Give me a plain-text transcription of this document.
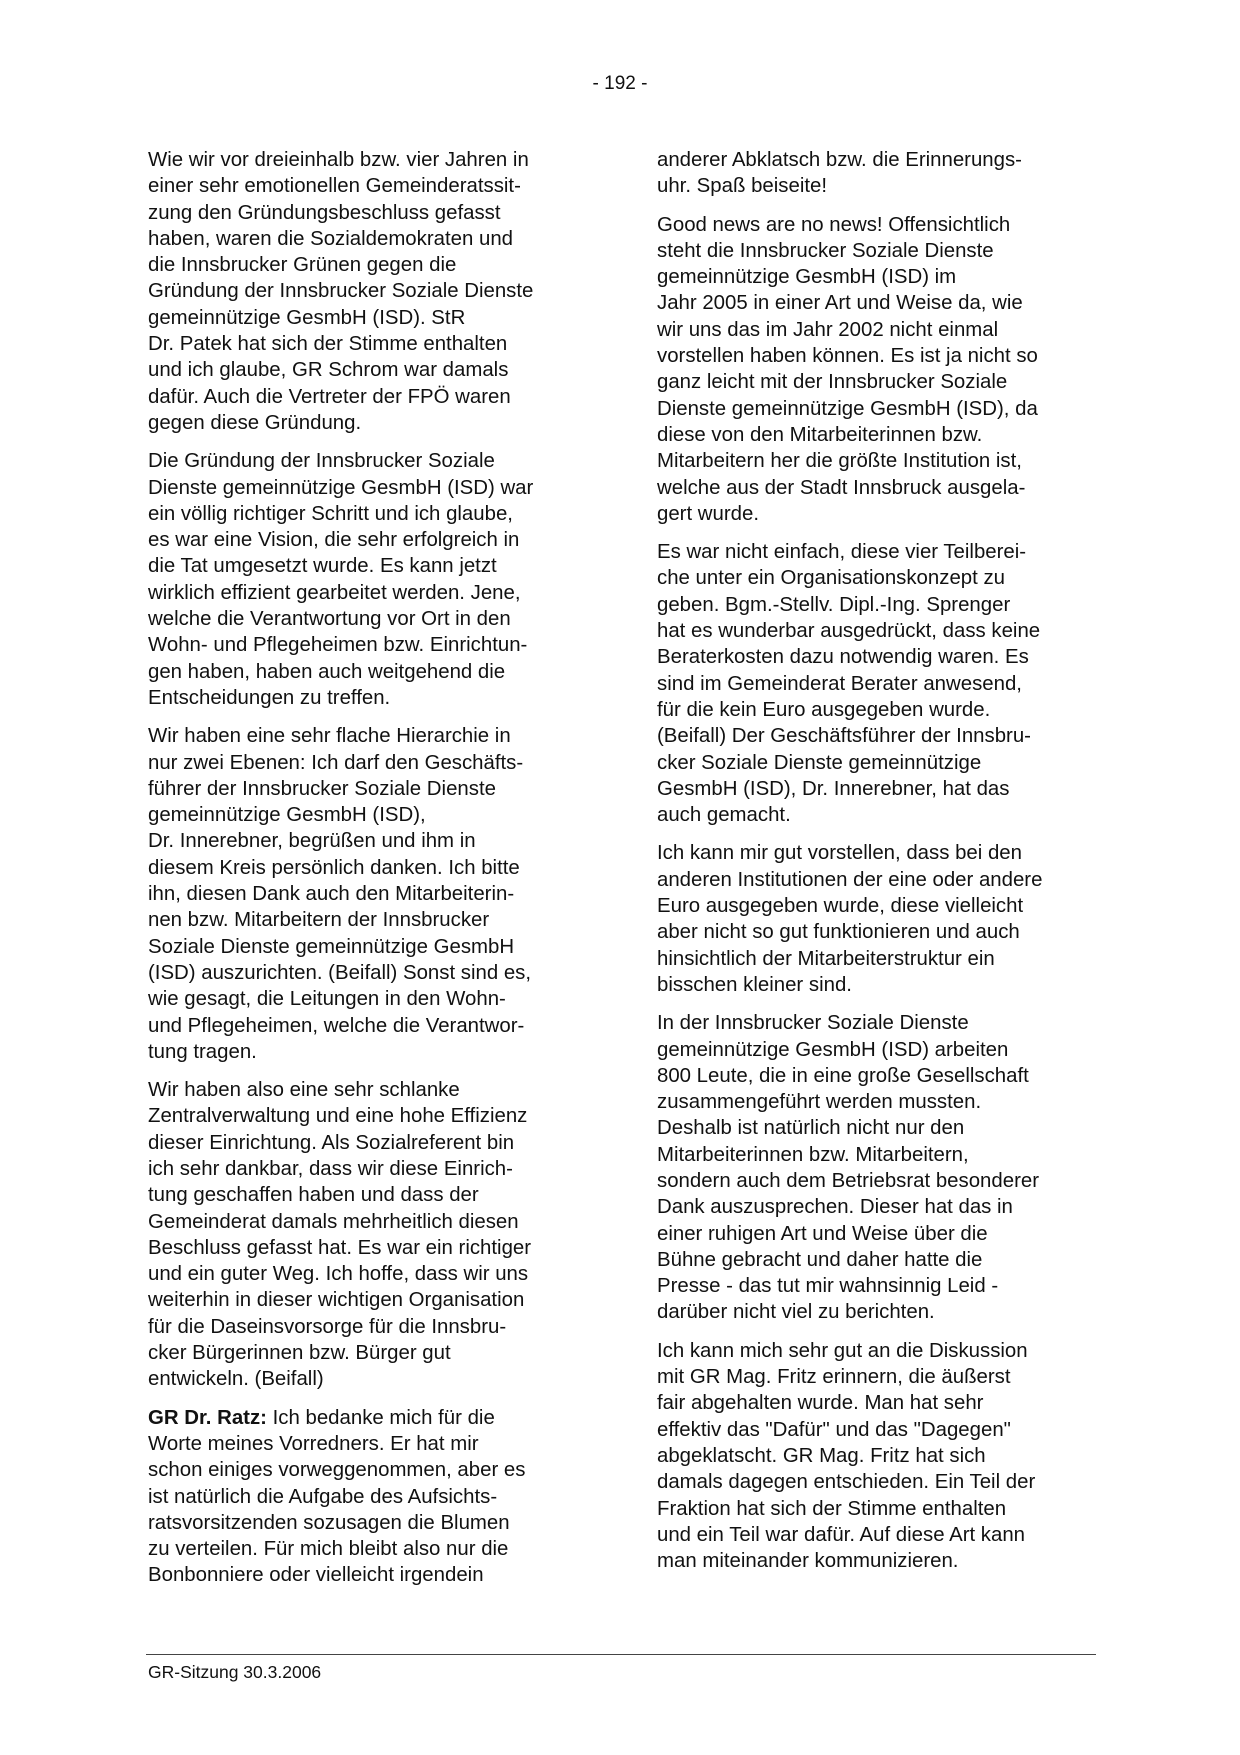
- 192 -

Wie wir vor dreieinhalb bzw. vier Jahren in
einer sehr emotionellen Gemeinderatssit-
zung den Gründungsbeschluss gefasst
haben, waren die Sozialdemokraten und
die Innsbrucker Grünen gegen die
Gründung der Innsbrucker Soziale Dienste
gemeinnützige GesmbH (ISD). StR
Dr. Patek hat sich der Stimme enthalten
und ich glaube, GR Schrom war damals
dafür. Auch die Vertreter der FPÖ waren
gegen diese Gründung.

Die Gründung der Innsbrucker Soziale
Dienste gemeinnützige GesmbH (ISD) war
ein völlig richtiger Schritt und ich glaube,
es war eine Vision, die sehr erfolgreich in
die Tat umgesetzt wurde. Es kann jetzt
wirklich effizient gearbeitet werden. Jene,
welche die Verantwortung vor Ort in den
Wohn- und Pflegeheimen bzw. Einrichtun-
gen haben, haben auch weitgehend die
Entscheidungen zu treffen.

Wir haben eine sehr flache Hierarchie in
nur zwei Ebenen: Ich darf den Geschäfts-
führer der Innsbrucker Soziale Dienste
gemeinnützige GesmbH (ISD),
Dr. Innerebner, begrüßen und ihm in
diesem Kreis persönlich danken. Ich bitte
ihn, diesen Dank auch den Mitarbeiterin-
nen bzw. Mitarbeitern der Innsbrucker
Soziale Dienste gemeinnützige GesmbH
(ISD) auszurichten. (Beifall) Sonst sind es,
wie gesagt, die Leitungen in den Wohn-
und Pflegeheimen, welche die Verantwor-
tung tragen.

Wir haben also eine sehr schlanke
Zentralverwaltung und eine hohe Effizienz
dieser Einrichtung. Als Sozialreferent bin
ich sehr dankbar, dass wir diese Einrich-
tung geschaffen haben und dass der
Gemeinderat damals mehrheitlich diesen
Beschluss gefasst hat. Es war ein richtiger
und ein guter Weg. Ich hoffe, dass wir uns
weiterhin in dieser wichtigen Organisation
für die Daseinsvorsorge für die Innsbru-
cker Bürgerinnen bzw. Bürger gut
entwickeln. (Beifall)

GR Dr. Ratz: Ich bedanke mich für die
Worte meines Vorredners. Er hat mir
schon einiges vorweggenommen, aber es
ist natürlich die Aufgabe des Aufsichts-
ratsvorsitzenden sozusagen die Blumen
zu verteilen. Für mich bleibt also nur die
Bonbonniere oder vielleicht irgendein

anderer Abklatsch bzw. die Erinnerungs-
uhr. Spaß beiseite!

Good news are no news! Offensichtlich
steht die Innsbrucker Soziale Dienste
gemeinnützige GesmbH (ISD) im
Jahr 2005 in einer Art und Weise da, wie
wir uns das im Jahr 2002 nicht einmal
vorstellen haben können. Es ist ja nicht so
ganz leicht mit der Innsbrucker Soziale
Dienste gemeinnützige GesmbH (ISD), da
diese von den Mitarbeiterinnen bzw.
Mitarbeitern her die größte Institution ist,
welche aus der Stadt Innsbruck ausgela-
gert wurde.

Es war nicht einfach, diese vier Teilberei-
che unter ein Organisationskonzept zu
geben. Bgm.-Stellv. Dipl.-Ing. Sprenger
hat es wunderbar ausgedrückt, dass keine
Beraterkosten dazu notwendig waren. Es
sind im Gemeinderat Berater anwesend,
für die kein Euro ausgegeben wurde.
(Beifall) Der Geschäftsführer der Innsbru-
cker Soziale Dienste gemeinnützige
GesmbH (ISD), Dr. Innerebner, hat das
auch gemacht.

Ich kann mir gut vorstellen, dass bei den
anderen Institutionen der eine oder andere
Euro ausgegeben wurde, diese vielleicht
aber nicht so gut funktionieren und auch
hinsichtlich der Mitarbeiterstruktur ein
bisschen kleiner sind.

In der Innsbrucker Soziale Dienste
gemeinnützige GesmbH (ISD) arbeiten
800 Leute, die in eine große Gesellschaft
zusammengeführt werden mussten.
Deshalb ist natürlich nicht nur den
Mitarbeiterinnen bzw. Mitarbeitern,
sondern auch dem Betriebsrat besonderer
Dank auszusprechen. Dieser hat das in
einer ruhigen Art und Weise über die
Bühne gebracht und daher hatte die
Presse - das tut mir wahnsinnig Leid -
darüber nicht viel zu berichten.

Ich kann mich sehr gut an die Diskussion
mit GR Mag. Fritz erinnern, die äußerst
fair abgehalten wurde. Man hat sehr
effektiv das "Dafür" und das "Dagegen"
abgeklatscht. GR Mag. Fritz hat sich
damals dagegen entschieden. Ein Teil der
Fraktion hat sich der Stimme enthalten
und ein Teil war dafür. Auf diese Art kann
man miteinander kommunizieren.

GR-Sitzung 30.3.2006
